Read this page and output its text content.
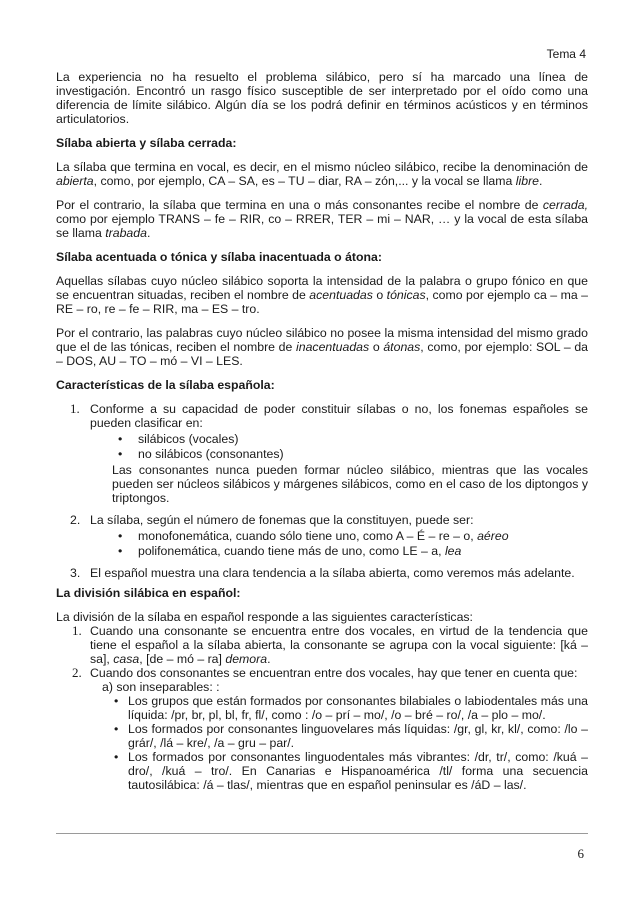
Tema 4

La experiencia no ha resuelto el problema silábico, pero sí ha marcado una línea de investigación. Encontró un rasgo físico susceptible de ser interpretado por el oído como una diferencia de límite silábico. Algún día se los podrá definir en términos acústicos y en términos articulatorios.

Sílaba abierta y sílaba cerrada:

La sílaba que termina en vocal, es decir, en el mismo núcleo silábico, recibe la denominación de abierta, como, por ejemplo, CA – SA, es – TU – diar, RA – zón,... y la vocal se llama libre.

Por el contrario, la sílaba que termina en una o más consonantes recibe el nombre de cerrada, como por ejemplo TRANS – fe – RIR, co – RRER, TER – mi – NAR, … y la vocal de esta sílaba se llama trabada.

Sílaba acentuada o tónica y sílaba inacentuada o átona:

Aquellas sílabas cuyo núcleo silábico soporta la intensidad de la palabra o grupo fónico en que se encuentran situadas, reciben el nombre de acentuadas o tónicas, como por ejemplo ca – ma – RE – ro, re – fe – RIR, ma – ES – tro.

Por el contrario, las palabras cuyo núcleo silábico no posee la misma intensidad del mismo grado que el de las tónicas, reciben el nombre de inacentuadas o átonas, como, por ejemplo: SOL – da – DOS, AU – TO – mó – VI – LES.

Características de la sílaba española:
1. Conforme a su capacidad de poder constituir sílabas o no, los fonemas españoles se pueden clasificar en:
• silábicos (vocales)
• no silábicos (consonantes)
Las consonantes nunca pueden formar núcleo silábico, mientras que las vocales pueden ser núcleos silábicos y márgenes silábicos, como en el caso de los diptongos y triptongos.
2. La sílaba, según el número de fonemas que la constituyen, puede ser:
• monofonemática, cuando sólo tiene uno, como A – É – re – o, aéreo
• polifonemática, cuando tiene más de uno, como LE – a, lea
3. El español muestra una clara tendencia a la sílaba abierta, como veremos más adelante.
La división silábica en español:

La división de la sílaba en español responde a las siguientes características:

1. Cuando una consonante se encuentra entre dos vocales, en virtud de la tendencia que tiene el español a la sílaba abierta, la consonante se agrupa con la vocal siguiente: [ká – sa], casa, [de – mó – ra] demora.
2. Cuando dos consonantes se encuentran entre dos vocales, hay que tener en cuenta que:
a) son inseparables: :
• Los grupos que están formados por consonantes bilabiales o labiodentales más una líquida: /pr, br, pl, bl, fr, fl/, como : /o – prí – mo/, /o – bré – ro/, /a – plo – mo/.
• Los formados por consonantes linguovelares más líquidas: /gr, gl, kr, kl/, como: /lo – grár/, /lá – kre/, /a – gru – par/.
• Los formados por consonantes linguodentales más vibrantes: /dr, tr/, como: /kuá – dro/, /kuá – tro/. En Canarias e Hispanoamérica /tl/ forma una secuencia tautosilábica: /á – tlas/, mientras que en español peninsular es /áD – las/.
6
